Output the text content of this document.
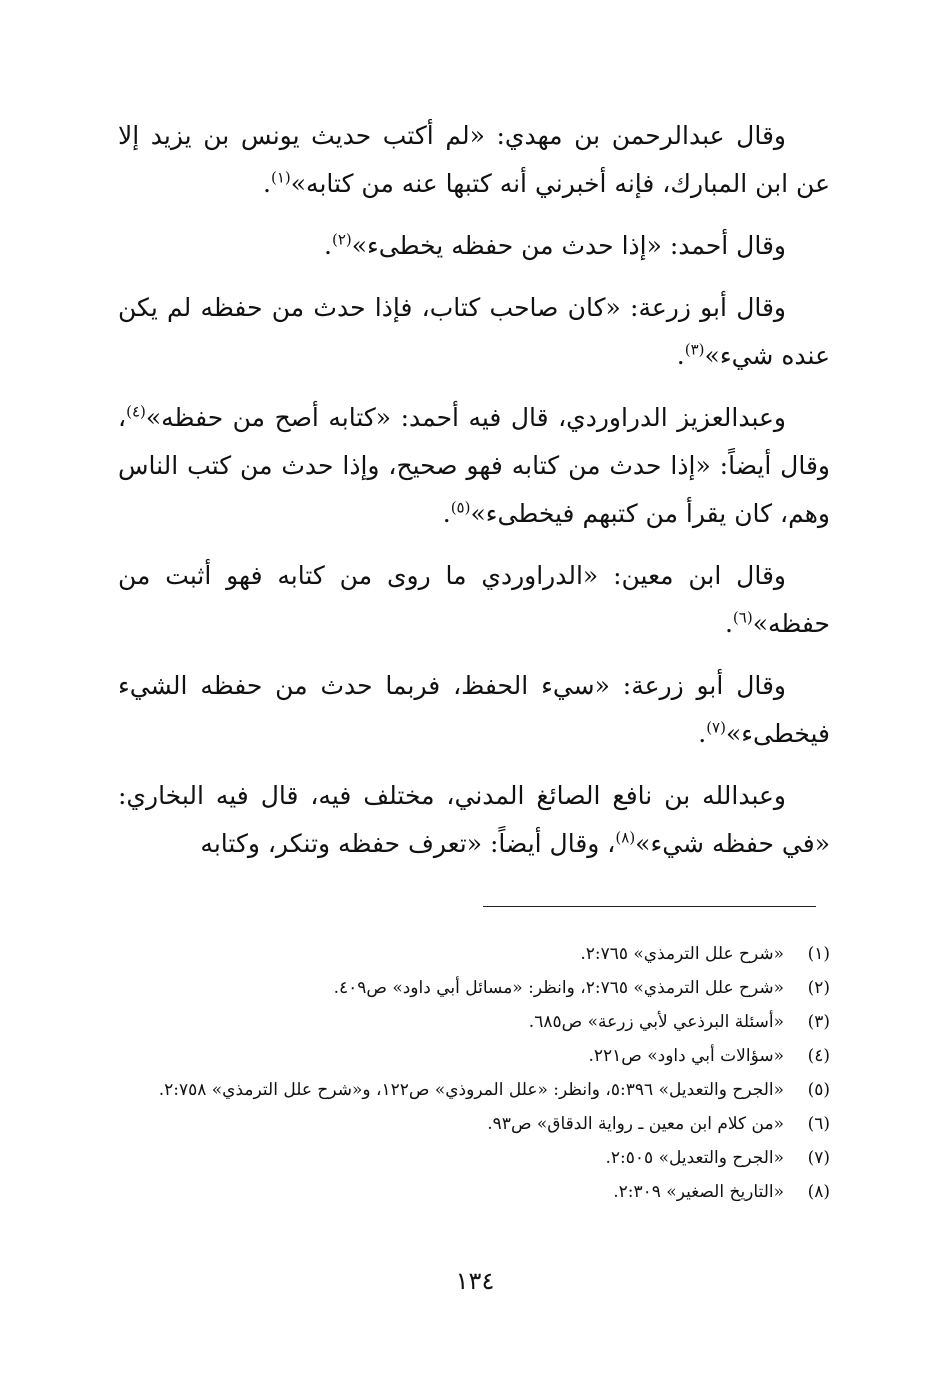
وقال عبدالرحمن بن مهدي: «لم أكتب حديث يونس بن يزيد إلا عن ابن المبارك، فإنه أخبرني أنه كتبها عنه من كتابه»$^{(١)}$.

وقال أحمد: «إذا حدث من حفظه يخطىء»$^{(٢)}$.

وقال أبو زرعة: «كان صاحب كتاب، فإذا حدث من حفظه لم يكن عنده شيء»$^{(٣)}$.

وعبدالعزيز الدراوردي، قال فيه أحمد: «كتابه أصح من حفظه»$^{(٤)}$، وقال أيضاً: «إذا حدث من كتابه فهو صحيح، وإذا حدث من كتب الناس وهم، كان يقرأ من كتبهم فيخطىء»$^{(٥)}$.

وقال ابن معين: «الدراوردي ما روى من كتابه فهو أثبت من حفظه»$^{(٦)}$.

وقال أبو زرعة: «سيء الحفظ، فربما حدث من حفظه الشيء فيخطىء»$^{(٧)}$.

وعبدالله بن نافع الصائغ المدني، مختلف فيه، قال فيه البخاري: «في حفظه شيء»$^{(٨)}$، وقال أيضاً: «تعرف حفظه وتنكر، وكتابه

(١)
«شرح علل الترمذي» ٢:٧٦٥.
(٢)
«شرح علل الترمذي» ٢:٧٦٥، وانظر: «مسائل أبي داود» ص٤٠٩.
(٣)
«أسئلة البرذعي لأبي زرعة» ص٦٨٥.
(٤)
«سؤالات أبي داود» ص٢٢١.
(٥)
«الجرح والتعديل» ٥:٣٩٦، وانظر: «علل المروذي» ص١٢٢، و«شرح علل الترمذي» ٢:٧٥٨.
(٦)
«من كلام ابن معين ـ رواية الدقاق» ص٩٣.
(٧)
«الجرح والتعديل» ٢:٥٠٥.
(٨)
«التاريخ الصغير» ٢:٣٠٩.
١٣٤
